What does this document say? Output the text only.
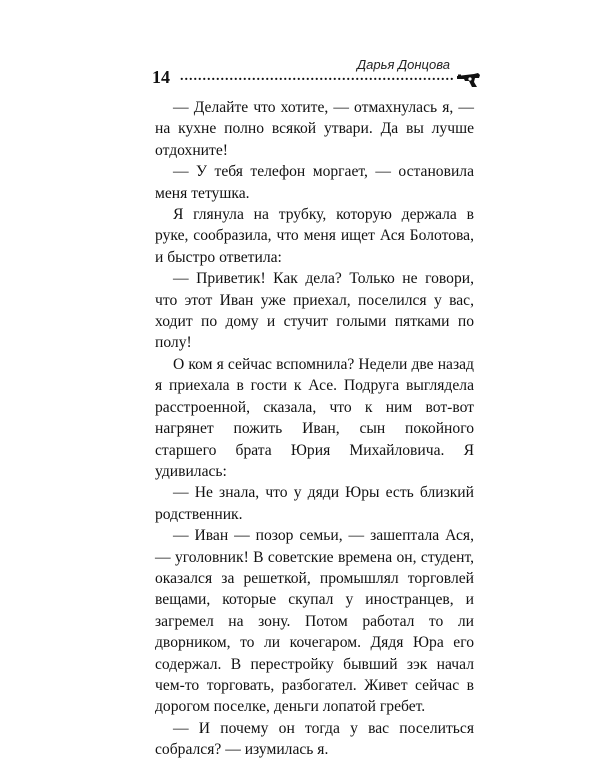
14 .............................................................
Дарья Донцова

— Делайте что хотите, — отмахнулась я, — на кухне полно всякой утвари. Да вы лучше отдохните!

— У тебя телефон моргает, — остановила меня тетушка.

Я глянула на трубку, которую держала в руке, сообразила, что меня ищет Ася Болотова, и быстро ответила:

— Приветик! Как дела? Только не говори, что этот Иван уже приехал, поселился у вас, ходит по дому и стучит голыми пятками по полу!

О ком я сейчас вспомнила? Недели две назад я приехала в гости к Асе. Подруга выглядела расстроенной, сказала, что к ним вот-вот нагрянет пожить Иван, сын покойного старшего брата Юрия Михайловича. Я удивилась:

— Не знала, что у дяди Юры есть близкий родственник.

— Иван — позор семьи, — зашептала Ася, — уголовник! В советские времена он, студент, оказался за решеткой, промышлял торговлей вещами, которые скупал у иностранцев, и загремел на зону. Потом работал то ли дворником, то ли кочегаром. Дядя Юра его содержал. В перестройку бывший зэк начал чем-то торговать, разбогател. Живет сейчас в дорогом поселке, деньги лопатой гребет.

— И почему он тогда у вас поселиться собрался? — изумилась я.
